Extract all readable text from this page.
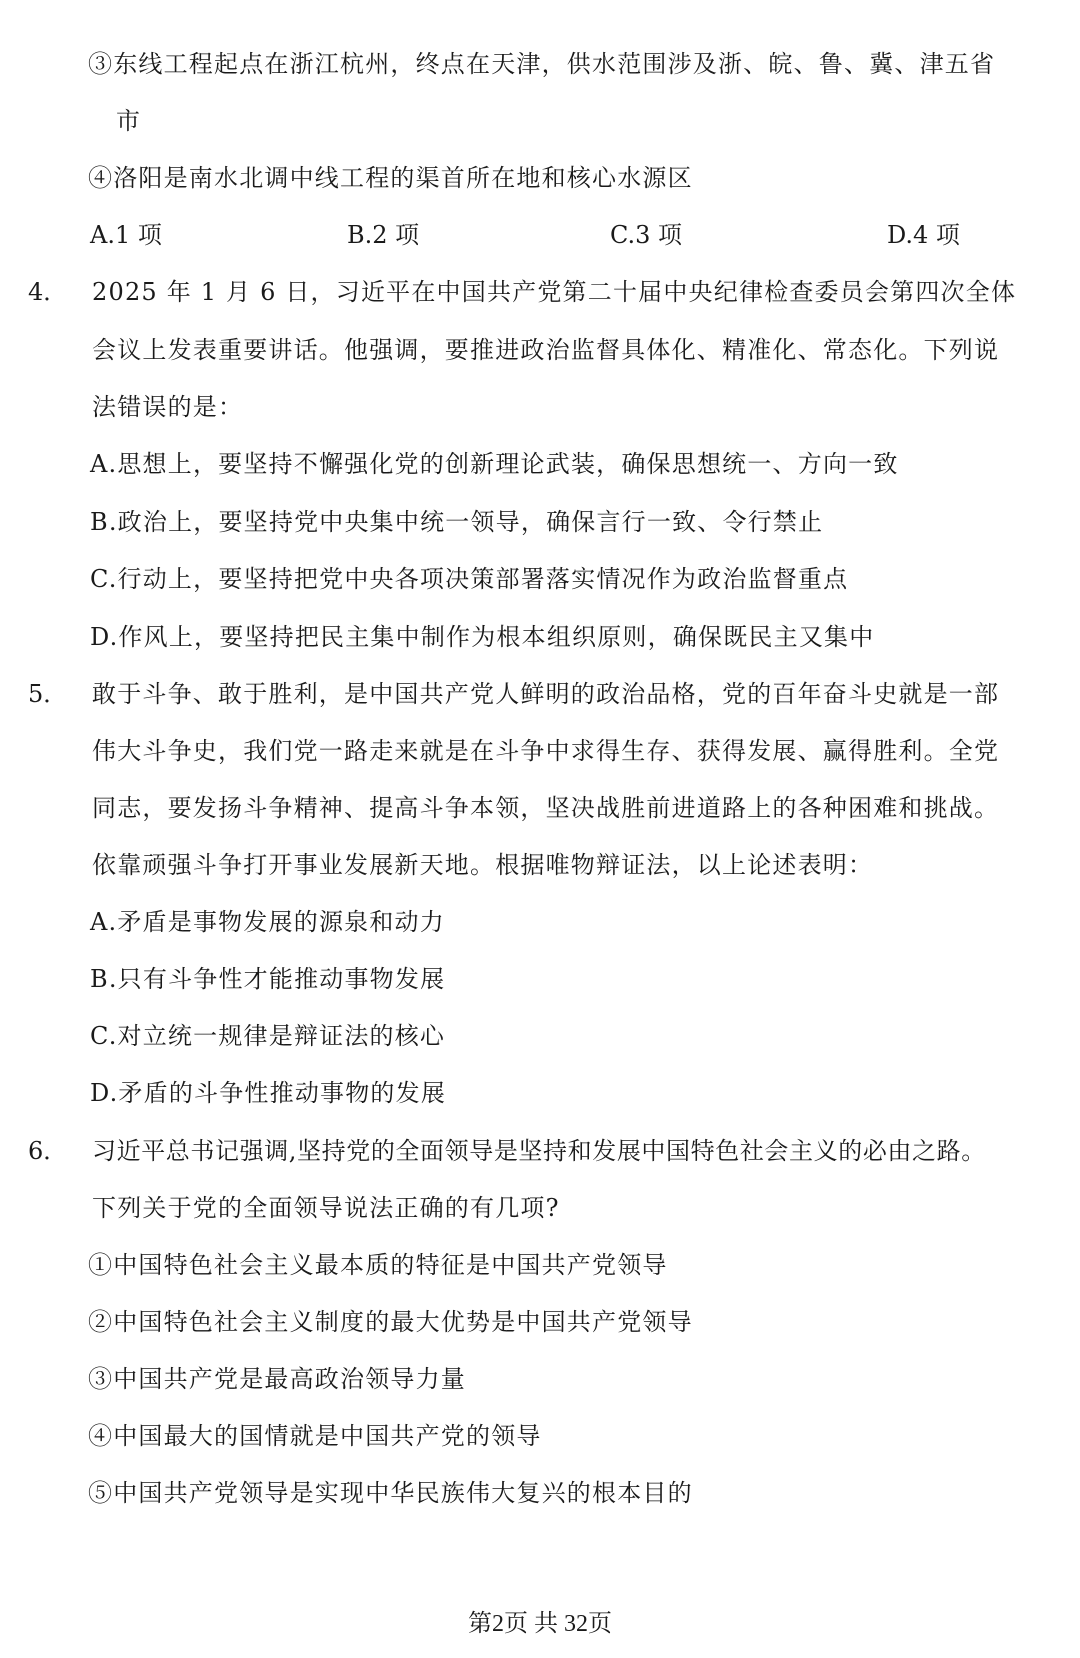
③东线工程起点在浙江杭州，终点在天津，供水范围涉及浙、皖、鲁、冀、津五省
市
④洛阳是南水北调中线工程的渠首所在地和核心水源区
A.1 项	B.2 项	C.3 项	D.4 项
4． 2025 年 1 月 6 日，习近平在中国共产党第二十届中央纪律检查委员会第四次全体
会议上发表重要讲话。他强调，要推进政治监督具体化、精准化、常态化。下列说
法错误的是：
A.思想上，要坚持不懈强化党的创新理论武装，确保思想统一、方向一致
B.政治上，要坚持党中央集中统一领导，确保言行一致、令行禁止
C.行动上，要坚持把党中央各项决策部署落实情况作为政治监督重点
D.作风上，要坚持把民主集中制作为根本组织原则，确保既民主又集中
5． 敢于斗争、敢于胜利，是中国共产党人鲜明的政治品格，党的百年奋斗史就是一部
伟大斗争史，我们党一路走来就是在斗争中求得生存、获得发展、赢得胜利。全党
同志，要发扬斗争精神、提高斗争本领，坚决战胜前进道路上的各种困难和挑战。
依靠顽强斗争打开事业发展新天地。根据唯物辩证法，以上论述表明：
A.矛盾是事物发展的源泉和动力
B.只有斗争性才能推动事物发展
C.对立统一规律是辩证法的核心
D.矛盾的斗争性推动事物的发展
6． 习近平总书记强调,坚持党的全面领导是坚持和发展中国特色社会主义的必由之路。
下列关于党的全面领导说法正确的有几项?
①中国特色社会主义最本质的特征是中国共产党领导
②中国特色社会主义制度的最大优势是中国共产党领导
③中国共产党是最高政治领导力量
④中国最大的国情就是中国共产党的领导
⑤中国共产党领导是实现中华民族伟大复兴的根本目的
第2页 共 32页
